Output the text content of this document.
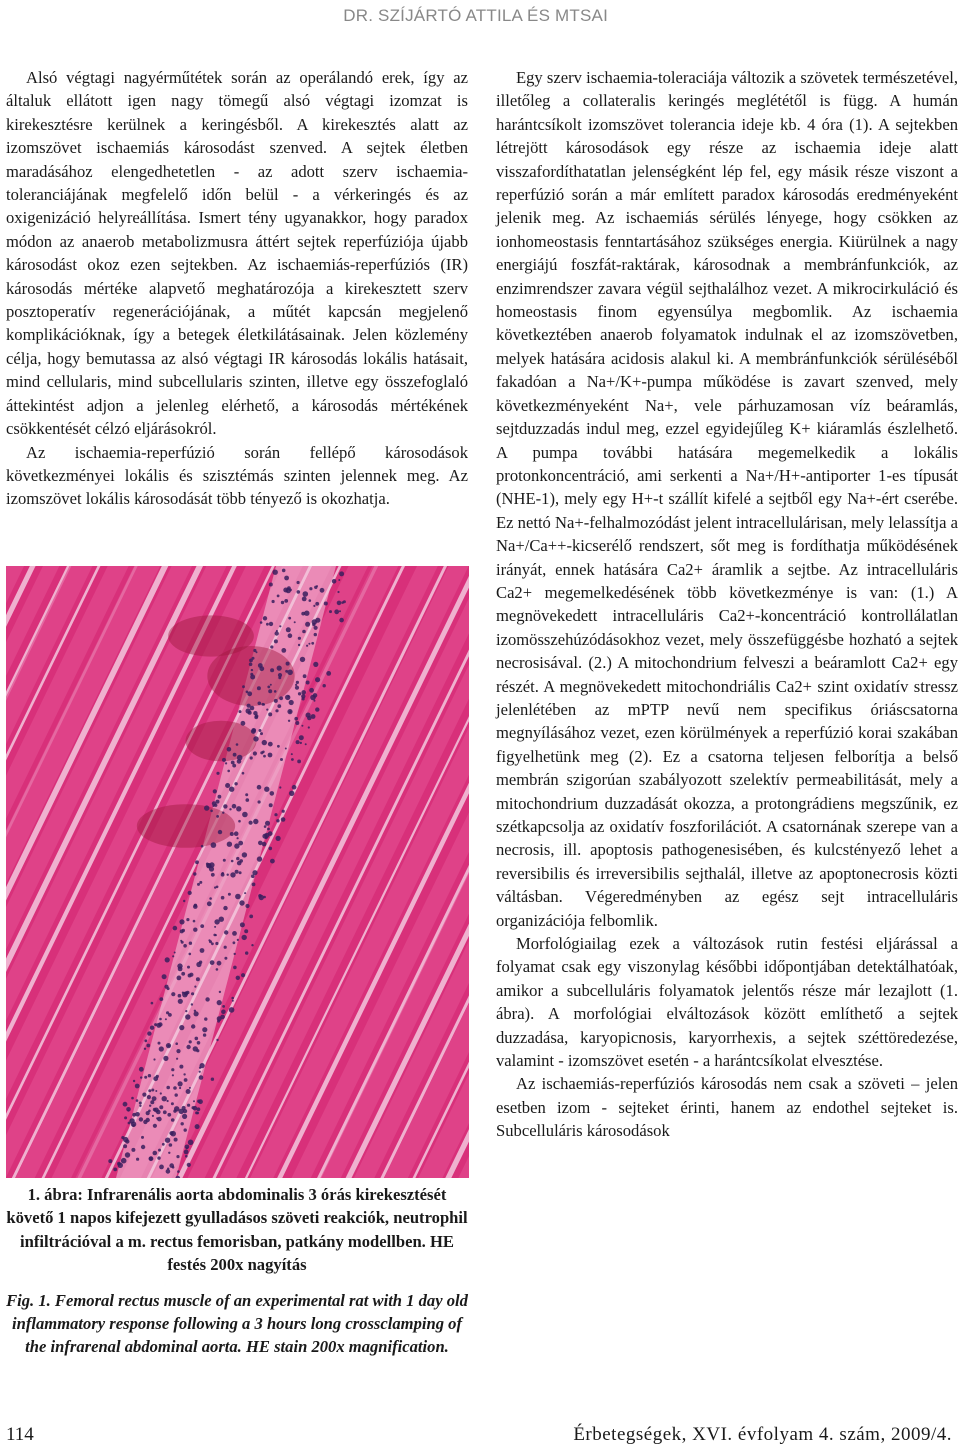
DR. SZÍJÁRTÓ ATTILA ÉS MTSAI

Alsó végtagi nagyérműtétek során az operálandó erek, így az általuk ellátott igen nagy tömegű alsó végtagi izomzat is kirekesztésre kerülnek a keringésből. A kirekesztés alatt az izomszövet ischaemiás károsodást szenved. A sejtek életben maradásához elengedhetetlen - az adott szerv ischaemia-toleranciájának megfelelő időn belül - a vérkeringés és az oxigenizáció helyreállítása. Ismert tény ugyanakkor, hogy paradox módon az anaerob metabolizmusra áttért sejtek reperfúziója újabb károsodást okoz ezen sejtekben. Az ischaemiás-reperfúziós (IR) károsodás mértéke alapvető meghatározója a kirekesztett szerv posztoperatív regenerációjának, a műtét kapcsán megjelenő komplikációknak, így a betegek életkilátásainak. Jelen közlemény célja, hogy bemutassa az alsó végtagi IR károsodás lokális hatásait, mind cellularis, mind subcellularis szinten, illetve egy összefoglaló áttekintést adjon a jelenleg elérhető, a károsodás mértékének csökkentését célzó eljárásokról.

Az ischaemia-reperfúzió során fellépő károsodások következményei lokális és szisztémás szinten jelennek meg. Az izomszövet lokális károsodását több tényező is okozhatja.

1. ábra: Infrarenális aorta abdominalis 3 órás kirekesztését követő 1 napos kifejezett gyulladásos szöveti reakciók, neutrophil infiltrációval a m. rectus femorisban, patkány modellben. HE festés 200x nagyítás
Fig. 1. Femoral rectus muscle of an experimental rat with 1 day old inflammatory response following a 3 hours long crossclamping of the infrarenal abdominal aorta. HE stain 200x magnification.

Egy szerv ischaemia-toleraciája változik a szövetek természetével, illetőleg a collateralis keringés meglététől is függ. A humán harántcsíkolt izomszövet tolerancia ideje kb. 4 óra (1). A sejtekben létrejött károsodások egy része az ischaemia ideje alatt visszafordíthatatlan jelenségként lép fel, egy másik része viszont a reperfúzió során a már említett paradox károsodás eredményeként jelenik meg. Az ischaemiás sérülés lényege, hogy csökken az ionhomeostasis fenntartásához szükséges energia. Kiürülnek a nagy energiájú foszfát-raktárak, károsodnak a membránfunkciók, az enzimrendszer zavara végül sejthalálhoz vezet. A mikrocirkuláció és homeostasis finom egyensúlya megbomlik. Az ischaemia következtében anaerob folyamatok indulnak el az izomszövetben, melyek hatására acidosis alakul ki. A membránfunkciók sérüléséből fakadóan a Na+/K+-pumpa működése is zavart szenved, mely következményeként Na+, vele párhuzamosan víz beáramlás, sejtduzzadás indul meg, ezzel egyidejűleg K+ kiáramlás észlelhető. A pumpa további hatására megemelkedik a lokális protonkoncentráció, ami serkenti a Na+/H+-antiporter 1-es típusát (NHE-1), mely egy H+-t szállít kifelé a sejtből egy Na+-ért cserébe. Ez nettó Na+-felhalmozódást jelent intracellulárisan, mely lelassítja a Na+/Ca++-kicserélő rendszert, sőt meg is fordíthatja működésének irányát, ennek hatására Ca2+ áramlik a sejtbe. Az intracelluláris Ca2+ megemelkedésének több következménye is van: (1.) A megnövekedett intracelluláris Ca2+-koncentráció kontrollálatlan izomösszehúzódásokhoz vezet, mely összefüggésbe hozható a sejtek necrosisával. (2.) A mitochondrium felveszi a beáramlott Ca2+ egy részét. A megnövekedett mitochondriális Ca2+ szint oxidatív stressz jelenlétében az mPTP nevű nem specifikus óriáscsatorna megnyílásához vezet, ezen körülmények a reperfúzió korai szakában figyelhetünk meg (2). Ez a csatorna teljesen felborítja a belső membrán szigorúan szabályozott szelektív permeabilitását, mely a mitochondrium duzzadását okozza, a protongrádiens megszűnik, ez szétkapcsolja az oxidatív foszforilációt. A csatornának szerepe van a necrosis, ill. apoptosis pathogenesisében, és kulcstényező lehet a reversibilis és irreversibilis sejthalál, illetve az apoptonecrosis közti váltásban. Végeredményben az egész sejt intracelluláris organizációja felbomlik.

Morfológiailag ezek a változások rutin festési eljárással a folyamat csak egy viszonylag későbbi időpontjában detektálhatóak, amikor a subcelluláris folyamatok jelentős része már lezajlott (1. ábra). A morfológiai elváltozások között említhető a sejtek duzzadása, karyopicnosis, karyorrhexis, a sejtek széttöredezése, valamint - izomszövet esetén - a harántcsíkolat elvesztése.

Az ischaemiás-reperfúziós károsodás nem csak a szöveti – jelen esetben izom - sejteket érinti, hanem az endothel sejteket is. Subcelluláris károsodások

114	Érbetegségek, XVI. évfolyam 4. szám, 2009/4.
